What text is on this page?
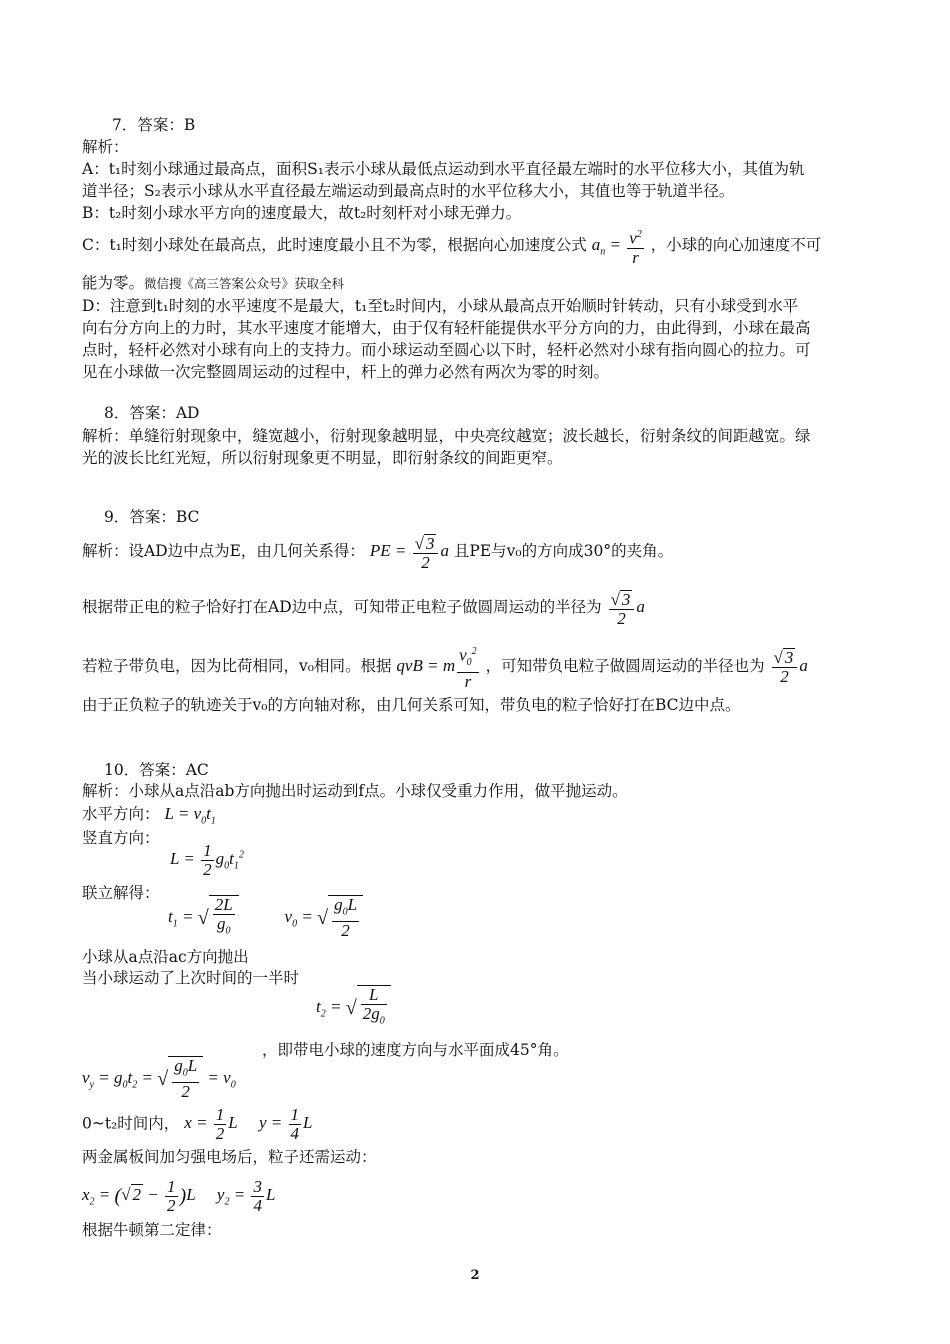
7．答案：B
解析：
A：t₁时刻小球通过最高点，面积S₁表示小球从最低点运动到水平直径最左端时的水平位移大小，其值为轨
道半径；S₂表示小球从水平直径最左端运动到最高点时的水平位移大小，其值也等于轨道半径。
B：t₂时刻小球水平方向的速度最大，故t₂时刻杆对小球无弹力。
C：t₁时刻小球处在最高点，此时速度最小且不为零，根据向心加速度公式 $a_n = \frac{v^2}{r}$ ，小球的向心加速度不可
能为零。微信搜《高三答案公众号》获取全科
D：注意到t₁时刻的水平速度不是最大，t₁至t₂时间内，小球从最高点开始顺时针转动，只有小球受到水平
向右分方向上的力时，其水平速度才能增大，由于仅有轻杆能提供水平分方向的力，由此得到，小球在最高
点时，轻杆必然对小球有向上的支持力。而小球运动至圆心以下时，轻杆必然对小球有指向圆心的拉力。可
见在小球做一次完整圆周运动的过程中，杆上的弹力必然有两次为零的时刻。
8．答案：AD
解析：单缝衍射现象中，缝宽越小，衍射现象越明显，中央亮纹越宽；波长越长，衍射条纹的间距越宽。绿
光的波长比红光短，所以衍射现象更不明显，即衍射条纹的间距更窄。
9．答案：BC
解析：设AD边中点为E，由几何关系得： PE = $\frac{√ 3}{2}$ a 且PE与v₀的方向成30°的夹角。
根据带正电的粒子恰好打在AD边中点，可知带正电粒子做圆周运动的半径为 $\frac{√ 3}{2}$ a
若粒子带负电，因为比荷相同，v₀相同。根据 qvB = m $\frac{v_0^2}{r}$ ，可知带负电粒子做圆周运动的半径也为 $\frac{√ 3}{2}$ a
由于正负粒子的轨迹关于v₀的方向轴对称，由几何关系可知，带负电的粒子恰好打在BC边中点。
10．答案：AC
解析：小球从a点沿ab方向抛出时运动到f点。小球仅受重力作用，做平抛运动。
水平方向： $L = v_0t_1$
竖直方向：
$L = \frac{1}{2} g_0t_1^2$
联立解得：
$t_1$ = √ $\frac{2L}{g_0}$	$v_0$ = √ $\frac{g_0L}{2}$
小球从a点沿ac方向抛出
当小球运动了上次时间的一半时
$t_2$ = √ $\frac{L}{2g_0}$
，即带电小球的速度方向与水平面成45°角。
$v_y = g_0t_2$ = √ $\frac{g_0L}{2} = v_0$
0~t₂时间内， $x = \frac{1}{2}$ L     $y = \frac{1}{4}$ L
两金属板间加匀强电场后，粒子还需运动：
$x_2$ = (√ $2 - \frac{1}{2} )L$     $y_2 = \frac{3}{4}$ L
根据牛顿第二定律：
2
